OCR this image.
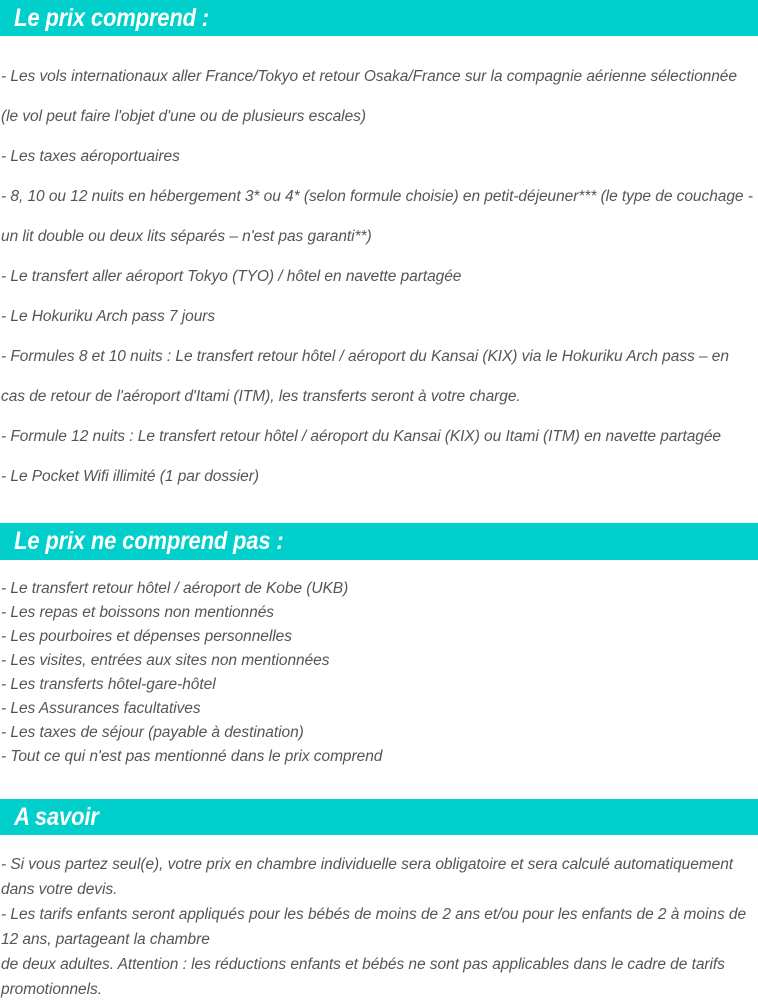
Le prix comprend :

- Les vols internationaux aller France/Tokyo et retour Osaka/France sur la compagnie aérienne sélectionnée (le vol peut faire l'objet d'une ou de plusieurs escales)

- Les taxes aéroportuaires

- 8, 10 ou 12 nuits en hébergement 3* ou 4* (selon formule choisie) en petit-déjeuner*** (le type de couchage - un lit double ou deux lits séparés – n'est pas garanti**)

- Le transfert aller aéroport Tokyo (TYO) / hôtel en navette partagée

- Le Hokuriku Arch pass 7 jours

- Formules 8 et 10 nuits : Le transfert retour hôtel / aéroport du Kansai (KIX) via le Hokuriku Arch pass – en cas de retour de l'aéroport d'Itami (ITM), les transferts seront à votre charge.

- Formule 12 nuits : Le transfert retour hôtel / aéroport du Kansai (KIX) ou Itami (ITM) en navette partagée

- Le Pocket Wifi illimité (1 par dossier)

Le prix ne comprend pas :

- Le transfert retour hôtel / aéroport de Kobe (UKB)

- Les repas et boissons non mentionnés

- Les pourboires et dépenses personnelles

- Les visites, entrées aux sites non mentionnées

- Les transferts hôtel-gare-hôtel

- Les Assurances facultatives

- Les taxes de séjour (payable à destination)

- Tout ce qui n'est pas mentionné dans le prix comprend

A savoir

- Si vous partez seul(e), votre prix en chambre individuelle sera obligatoire et sera calculé automatiquement dans votre devis.

- Les tarifs enfants seront appliqués pour les bébés de moins de 2 ans et/ou pour les enfants de 2 à moins de 12 ans, partageant la chambre

de deux adultes. Attention : les réductions enfants et bébés ne sont pas applicables dans le cadre de tarifs promotionnels.
